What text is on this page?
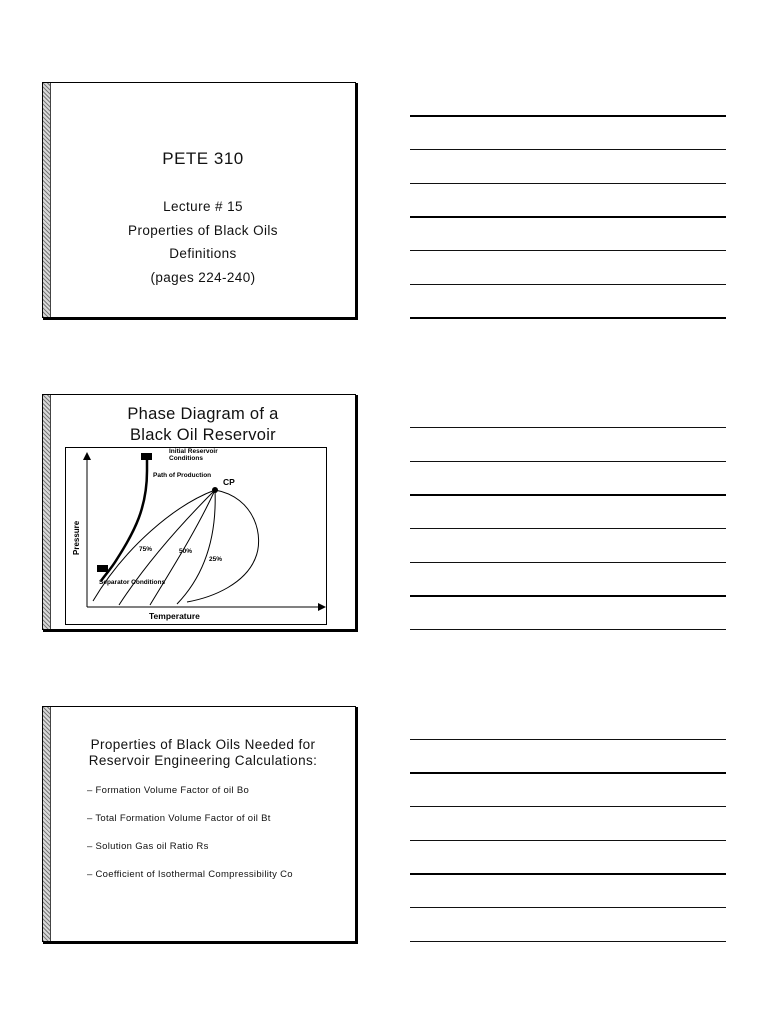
PETE 310
Lecture # 15
Properties of Black Oils
Definitions
(pages 224-240)
Phase Diagram of a
Black Oil Reservoir
Initial Reservoir
Conditions
Path of Production
CP
75%	50%
25%
Separator Conditions
Temperature
Pressure
Properties of Black Oils Needed for
Reservoir Engineering Calculations:
– Formation Volume Factor of oil Bo
– Total Formation Volume Factor of oil Bt
– Solution Gas oil Ratio Rs
– Coefficient of Isothermal Compressibility Co
